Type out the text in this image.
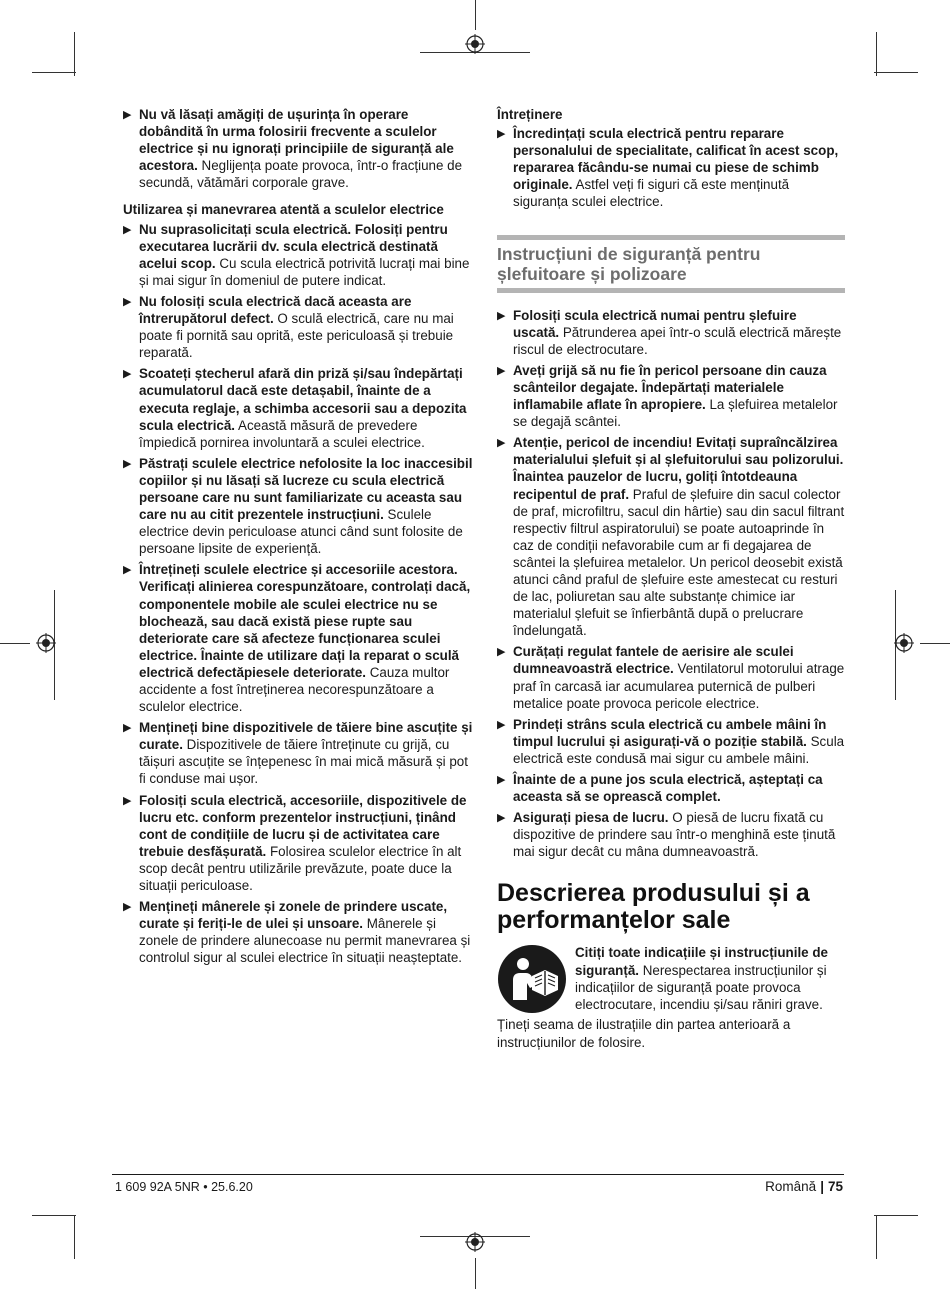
▶ Nu vă lăsați amăgiți de ușurința în operare dobândită în urma folosirii frecvente a sculelor electrice și nu ignorați principiile de siguranță ale acestora. Neglijența poate provoca, într-o fracțiune de secundă, vătămări corporale grave.
Utilizarea și manevrarea atentă a sculelor electrice
▶ Nu suprasolicitați scula electrică. Folosiți pentru executarea lucrării dv. scula electrică destinată acelui scop. Cu scula electrică potrivită lucrați mai bine și mai sigur în domeniul de putere indicat.
▶ Nu folosiți scula electrică dacă aceasta are întrerupătorul defect. O sculă electrică, care nu mai poate fi pornită sau oprită, este periculoasă și trebuie reparată.
▶ Scoateți ștecherul afară din priză și/sau îndepărtați acumulatorul dacă este detașabil, înainte de a executa reglaje, a schimba accesorii sau a depozita scula electrică. Această măsură de prevedere împiedică pornirea involuntară a sculei electrice.
▶ Păstrați sculele electrice nefolosite la loc inaccesibil copiilor și nu lăsați să lucreze cu scula electrică persoane care nu sunt familiarizate cu aceasta sau care nu au citit prezentele instrucțiuni. Sculele electrice devin periculoase atunci când sunt folosite de persoane lipsite de experiență.
▶ Întrețineți sculele electrice și accesoriile acestora. Verificați alinierea corespunzătoare, controlați dacă, componentele mobile ale sculei electrice nu se blochează, sau dacă există piese rupte sau deteriorate care să afecteze funcționarea sculei electrice. Înainte de utilizare dați la reparat o sculă electrică defectăpiesele deteriorate. Cauza multor accidente a fost întreținerea necorespunzătoare a sculelor electrice.
▶ Mențineți bine dispozitivele de tăiere bine ascuțite și curate. Dispozitivele de tăiere întreținute cu grijă, cu tăișuri ascuțite se înțepenesc în mai mică măsură și pot fi conduse mai ușor.
▶ Folosiți scula electrică, accesoriile, dispozitivele de lucru etc. conform prezentelor instrucțiuni, ținând cont de condițiile de lucru și de activitatea care trebuie desfășurată. Folosirea sculelor electrice în alt scop decât pentru utilizările prevăzute, poate duce la situații periculoase.
▶ Mențineți mânerele și zonele de prindere uscate, curate și feriți-le de ulei și unsoare. Mânerele și zonele de prindere alunecoase nu permit manevrarea și controlul sigur al sculei electrice în situații neașteptate.
Întreținere
▶ Încredințați scula electrică pentru reparare personalului de specialitate, calificat în acest scop, repararea făcându-se numai cu piese de schimb originale. Astfel veți fi siguri că este menținută siguranța sculei electrice.
Instrucțiuni de siguranță pentru șlefuitoare și polizoare
▶ Folosiți scula electrică numai pentru șlefuire uscată. Pătrunderea apei într-o sculă electrică mărește riscul de electrocutare.
▶ Aveți grijă să nu fie în pericol persoane din cauza scânteilor degajate. Îndepărtați materialele inflamabile aflate în apropiere. La șlefuirea metalelor se degajă scântei.
▶ Atenție, pericol de incendiu! Evitați supraîncălzirea materialului șlefuit și al șlefuitorului sau polizorului. Înaintea pauzelor de lucru, goliți întotdeauna recipentul de praf. Praful de șlefuire din sacul colector de praf, microfiltru, sacul din hârtie) sau din sacul filtrant respectiv filtrul aspiratorului) se poate autoaprinde în caz de condiții nefavorabile cum ar fi degajarea de scântei la șlefuirea metalelor. Un pericol deosebit există atunci când praful de șlefuire este amestecat cu resturi de lac, poliuretan sau alte substanțe chimice iar materialul șlefuit se înfierbântă după o prelucrare îndelungată.
▶ Curățați regulat fantele de aerisire ale sculei dumneavoastră electrice. Ventilatorul motorului atrage praf în carcasă iar acumularea puternică de pulberi metalice poate provoca pericole electrice.
▶ Prindeți strâns scula electrică cu ambele mâini în timpul lucrului și asigurați-vă o poziție stabilă. Scula electrică este condusă mai sigur cu ambele mâini.
▶ Înainte de a pune jos scula electrică, așteptați ca aceasta să se oprească complet.
▶ Asigurați piesa de lucru. O piesă de lucru fixată cu dispozitive de prindere sau într-o menghină este ținută mai sigur decât cu mâna dumneavoastră.
Descrierea produsului și a performanțelor sale
Citiți toate indicațiile și instrucțiunile de siguranță. Nerespectarea instrucțiunilor și indicațiilor de siguranță poate provoca electrocutare, incendiu și/sau răniri grave.

Țineți seama de ilustrațiile din partea anterioară a instrucțiunilor de folosire.

1 609 92A 5NR • 25.6.20	Română | 75
